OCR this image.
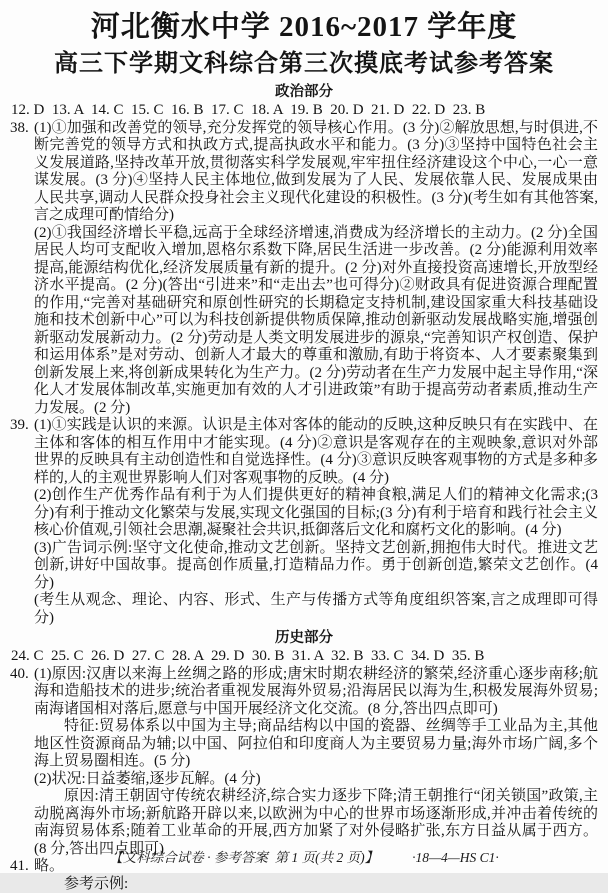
河北衡水中学 2016~2017 学年度
高三下学期文科综合第三次摸底考试参考答案
政治部分
12. D  13. A  14. C  15. C  16. B  17. C  18. A  19. B  20. D  21. D  22. D  23. B
38. (1)①加强和改善党的领导,充分发挥党的领导核心作用。(3 分)②解放思想,与时俱进,不断完善党的领导方式和执政方式,提高执政水平和能力。(3 分)③坚持中国特色社会主义发展道路,坚持改革开放,贯彻落实科学发展观,牢牢扭住经济建设这个中心,一心一意谋发展。(3 分)④坚持人民主体地位,做到发展为了人民、发展依靠人民、发展成果由人民共享,调动人民群众投身社会主义现代化建设的积极性。(3 分)(考生如有其他答案,言之成理可酌情给分)

(2)①我国经济增长平稳,远高于全球经济增速,消费成为经济增长的主动力。(2 分)全国居民人均可支配收入增加,恩格尔系数下降,居民生活进一步改善。(2 分)能源利用效率提高,能源结构优化,经济发展质量有新的提升。(2 分)对外直接投资高速增长,开放型经济水平提高。(2 分)(答出“引进来”和“走出去”也可得分)②财政具有促进资源合理配置的作用,“完善对基础研究和原创性研究的长期稳定支持机制,建设国家重大科技基础设施和技术创新中心”可以为科技创新提供物质保障,推动创新驱动发展战略实施,增强创新驱动发展新动力。(2 分)劳动是人类文明发展进步的源泉,“完善知识产权创造、保护和运用体系”是对劳动、创新人才最大的尊重和激励,有助于将资本、人才要素聚集到创新发展上来,将创新成果转化为生产力。(2 分)劳动者在生产力发展中起主导作用,“深化人才发展体制改革,实施更加有效的人才引进政策”有助于提高劳动者素质,推动生产力发展。(2 分)

39. (1)①实践是认识的来源。认识是主体对客体的能动的反映,这种反映只有在实践中、在主体和客体的相互作用中才能实现。(4 分)②意识是客观存在的主观映象,意识对外部世界的反映具有主动创造性和自觉选择性。(4 分)③意识反映客观事物的方式是多种多样的,人的主观世界影响人们对客观事物的反映。(4 分)

(2)创作生产优秀作品有利于为人们提供更好的精神食粮,满足人们的精神文化需求;(3 分)有利于推动文化繁荣与发展,实现文化强国的目标;(3 分)有利于培育和践行社会主义核心价值观,引领社会思潮,凝聚社会共识,抵御落后文化和腐朽文化的影响。(4 分)

(3)广告词示例:坚守文化使命,推动文艺创新。坚持文艺创新,拥抱伟大时代。推进文艺创新,讲好中国故事。提高创作质量,打造精品力作。勇于创新创造,繁荣文艺创作。(4 分)

(考生从观念、理论、内容、形式、生产与传播方式等角度组织答案,言之成理即可得分)

历史部分
24. C  25. C  26. D  27. C  28. A  29. D  30. B  31. A  32. B  33. C  34. D  35. B
40. (1)原因:汉唐以来海上丝绸之路的形成;唐宋时期农耕经济的繁荣,经济重心逐步南移;航海和造船技术的进步;统治者重视发展海外贸易;沿海居民以海为生,积极发展海外贸易;南海诸国相对落后,愿意与中国开展经济文化交流。(8 分,答出四点即可)

特征:贸易体系以中国为主导;商品结构以中国的瓷器、丝绸等手工业品为主,其他地区性资源商品为辅;以中国、阿拉伯和印度商人为主要贸易力量;海外市场广阔,多个海上贸易圈相连。(5 分)

(2)状况:日益萎缩,逐步瓦解。(4 分)

原因:清王朝固守传统农耕经济,综合实力逐步下降;清王朝推行“闭关锁国”政策,主动脱离海外市场;新航路开辟以来,以欧洲为中心的世界市场逐渐形成,并冲击着传统的南海贸易体系;随着工业革命的开展,西方加紧了对外侵略扩张,东方日益从属于西方。(8 分,答出四点即可)

41. 略。

参考示例:

【文科综合试卷 · 参考答案  第 1 页(共 2 页)】	·18—4—HS C1·
